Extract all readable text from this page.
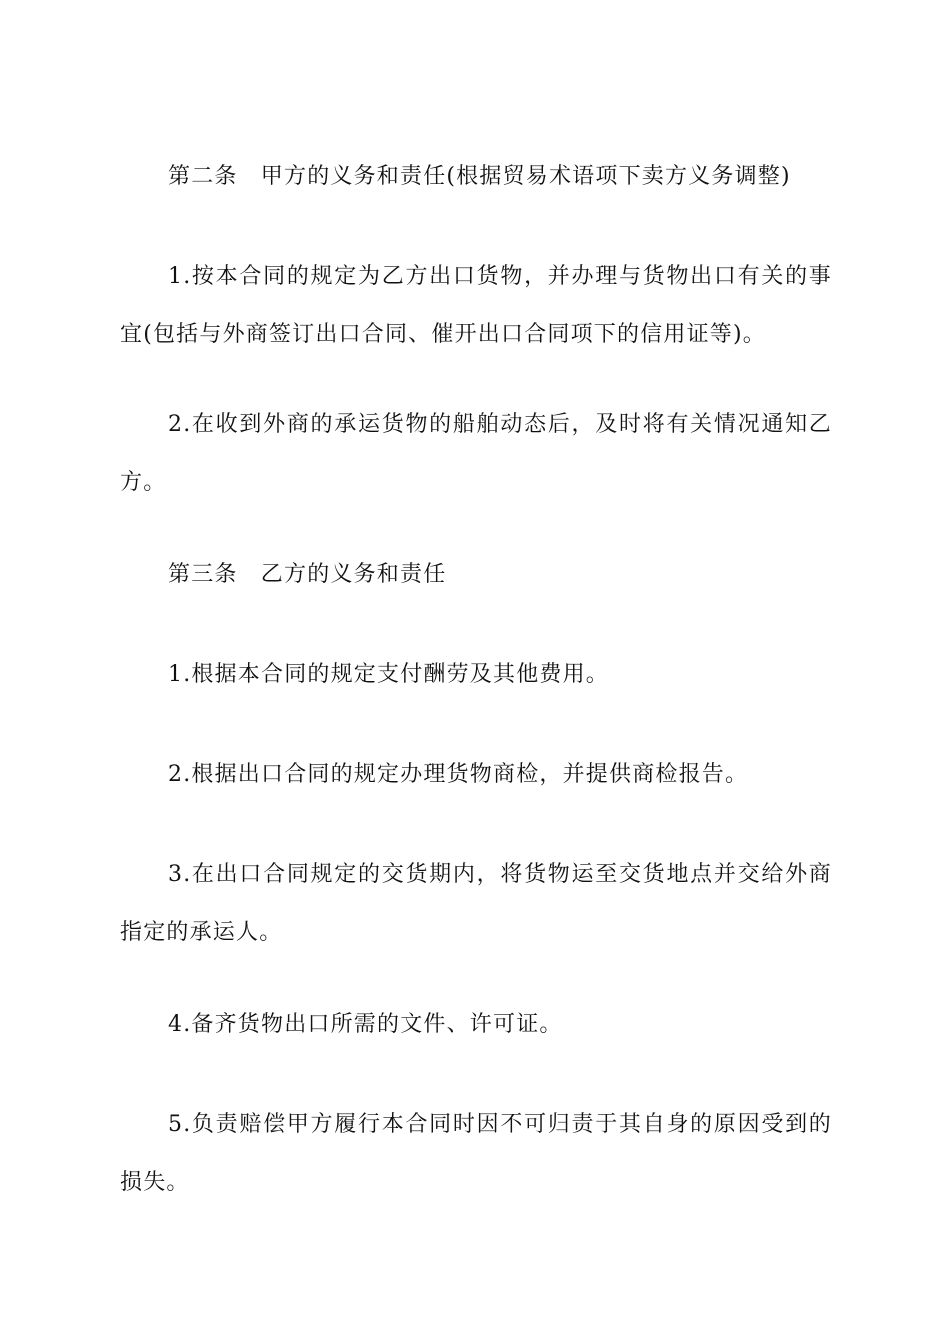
第二条　甲方的义务和责任(根据贸易术语项下卖方义务调整)

1.按本合同的规定为乙方出口货物，并办理与货物出口有关的事宜(包括与外商签订出口合同、催开出口合同项下的信用证等)。

2.在收到外商的承运货物的船舶动态后，及时将有关情况通知乙方。

第三条　乙方的义务和责任

1.根据本合同的规定支付酬劳及其他费用。

2.根据出口合同的规定办理货物商检，并提供商检报告。

3.在出口合同规定的交货期内，将货物运至交货地点并交给外商指定的承运人。

4.备齐货物出口所需的文件、许可证。

5.负责赔偿甲方履行本合同时因不可归责于其自身的原因受到的损失。
